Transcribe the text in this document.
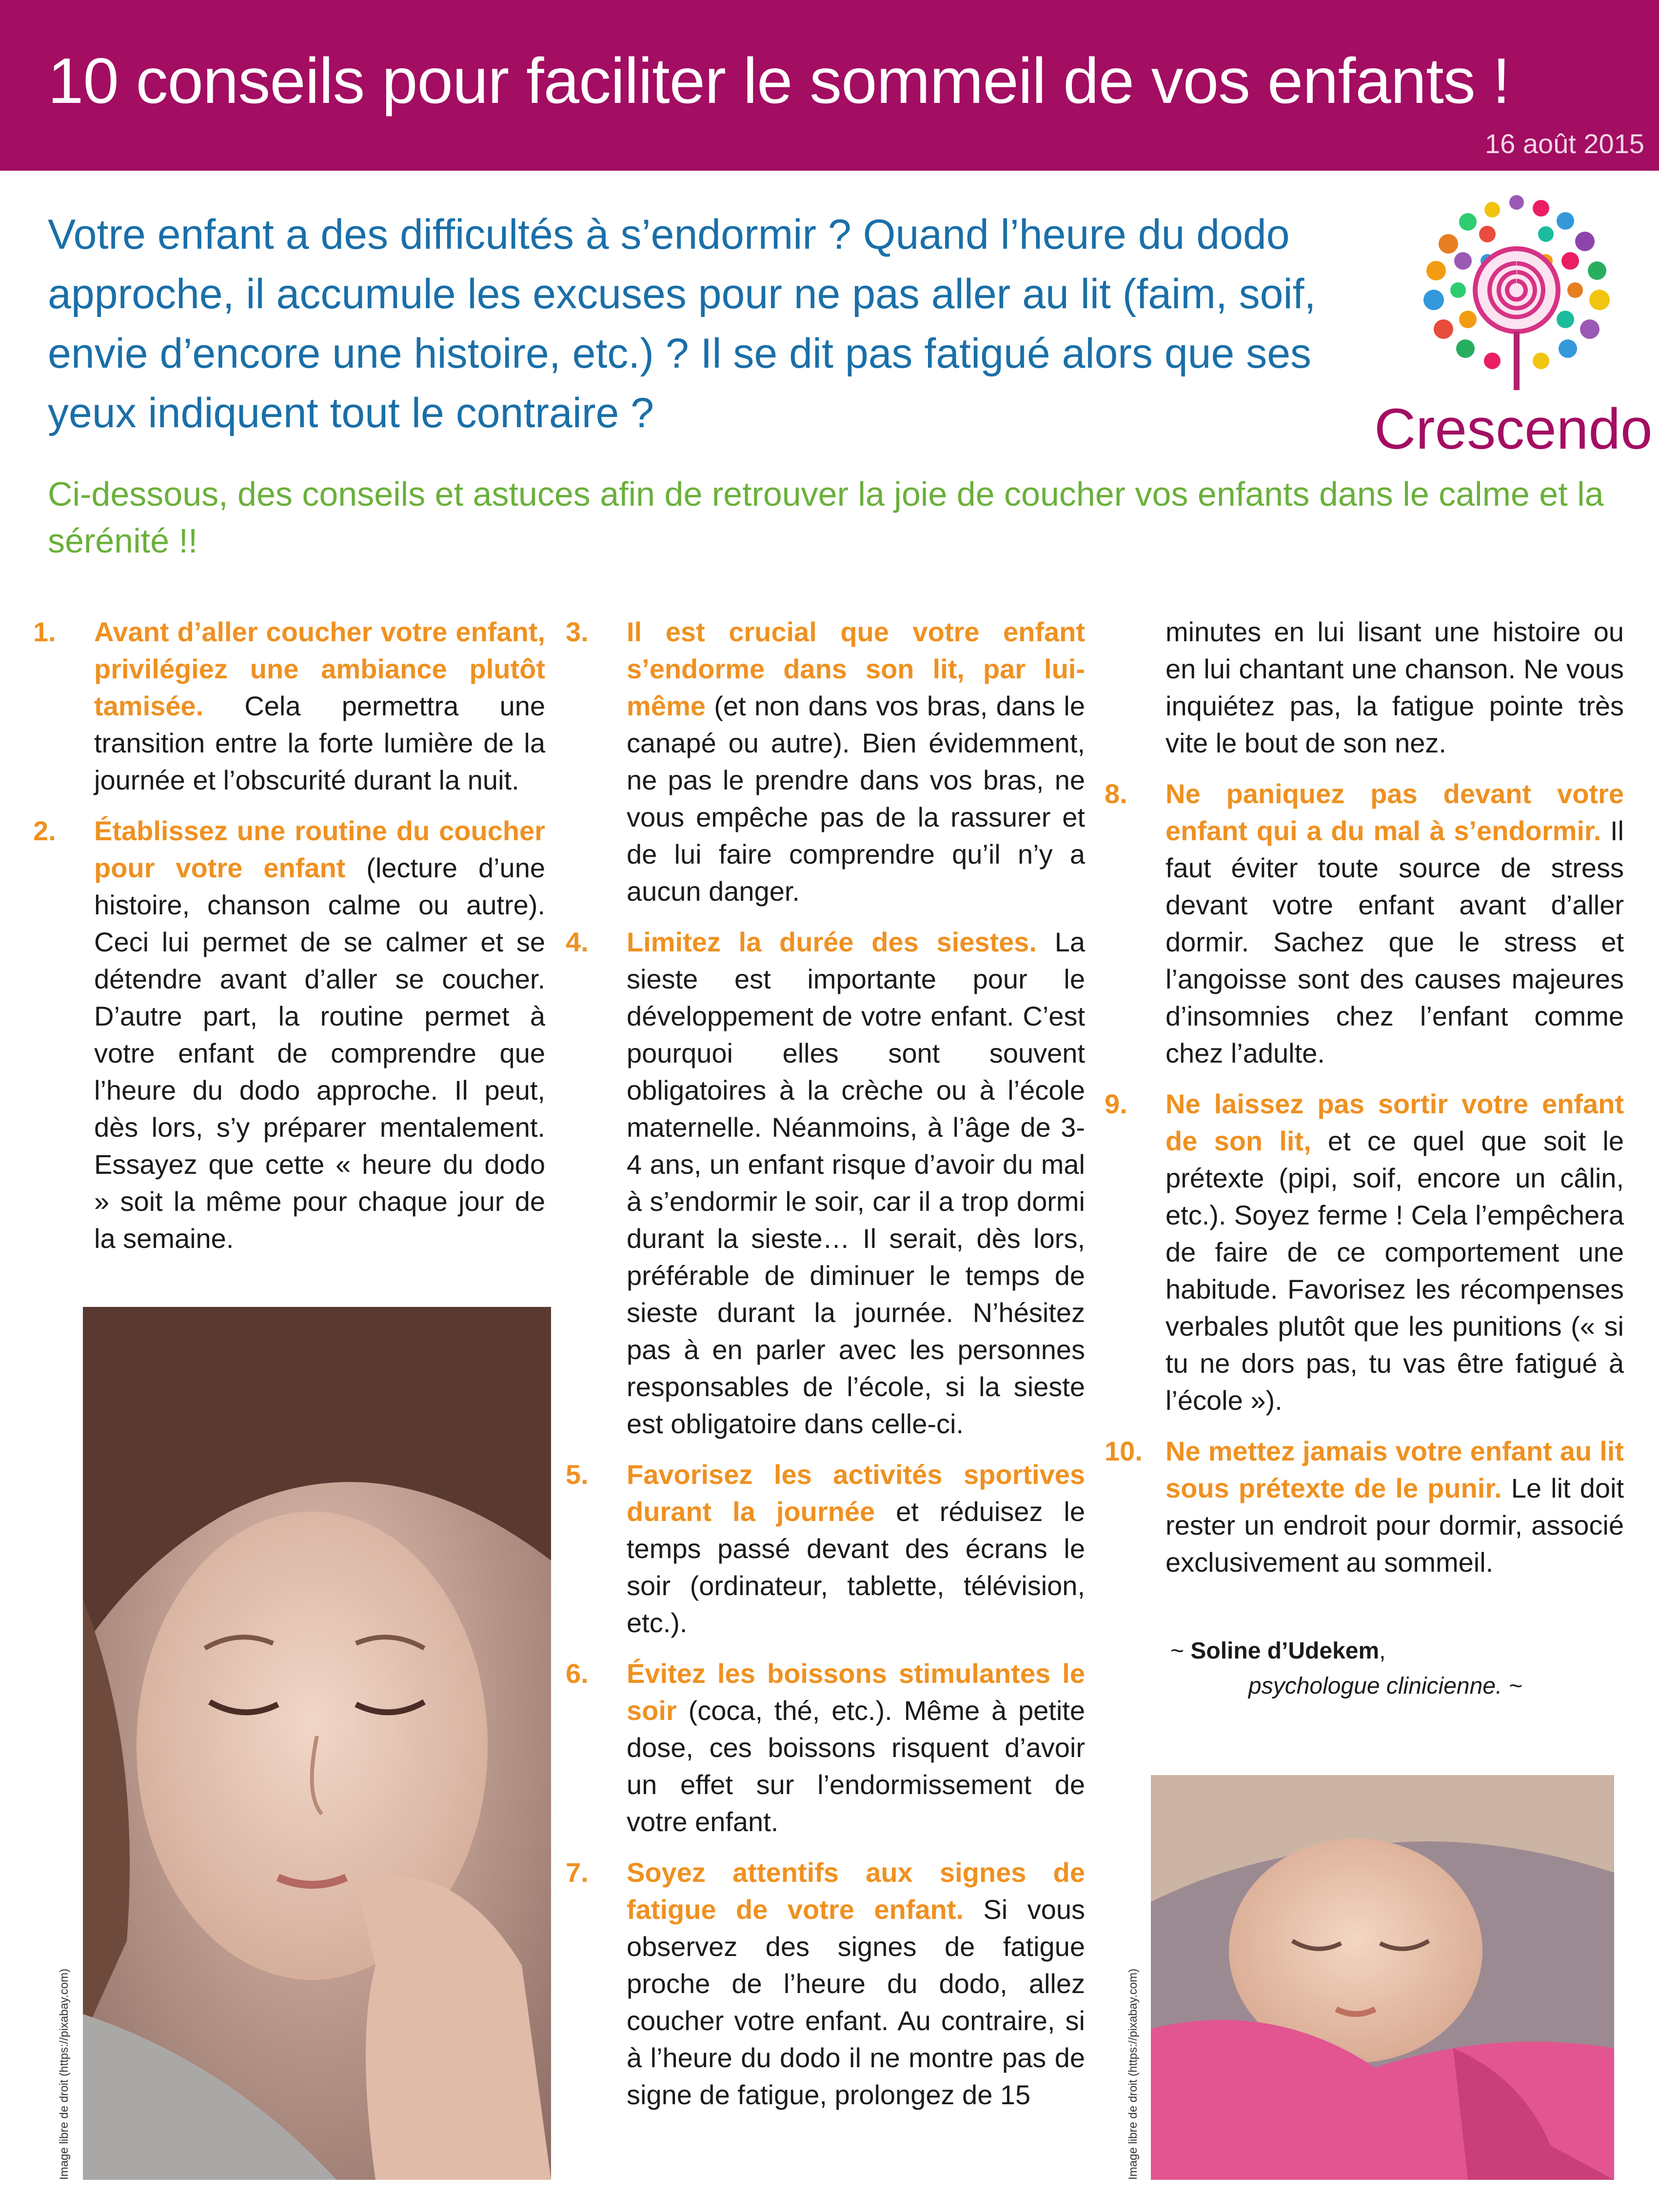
10 conseils pour faciliter le sommeil de vos enfants !
16 août 2015

Votre enfant a des difficultés à s’endormir ? Quand l’heure du dodo approche, il accumule les excuses pour ne pas aller au lit (faim, soif, envie d’encore une histoire, etc.) ? Il se dit pas fatigué alors que ses yeux indiquent tout le contraire ?	Crescendo

Ci-dessous, des conseils et astuces afin de retrouver la joie de coucher vos enfants dans le calme et la sérénité !!

1. Avant d’aller coucher votre enfant, privilégiez une ambiance plutôt tamisée. Cela permettra une transition entre la forte lumière de la journée et l’obscurité durant la nuit.
2. Établissez une routine du coucher pour votre enfant (lecture d’une histoire, chanson calme ou autre). Ceci lui permet de se calmer et se détendre avant d’aller se coucher. D’autre part, la routine permet à votre enfant de comprendre que l’heure du dodo approche. Il peut, dès lors, s’y préparer mentalement. Essayez que cette « heure du dodo » soit la même pour chaque jour de la semaine.
3. Il est crucial que votre enfant s’endorme dans son lit, par lui-même (et non dans vos bras, dans le canapé ou autre). Bien évidemment, ne pas le prendre dans vos bras, ne vous empêche pas de la rassurer et de lui faire comprendre qu’il n’y a aucun danger.
4. Limitez la durée des siestes. La sieste est importante pour le développement de votre enfant. C’est pourquoi elles sont souvent obligatoires à la crèche ou à l’école maternelle. Néanmoins, à l’âge de 3-4 ans, un enfant risque d’avoir du mal à s’endormir le soir, car il a trop dormi durant la sieste… Il serait, dès lors, préférable de diminuer le temps de sieste durant la journée. N’hésitez pas à en parler avec les personnes responsables de l’école, si la sieste est obligatoire dans celle-ci.
5. Favorisez les activités sportives durant la journée et réduisez le temps passé devant des écrans le soir (ordinateur, tablette, télévision, etc.).
6. Évitez les boissons stimulantes le soir (coca, thé, etc.). Même à petite dose, ces boissons risquent d’avoir un effet sur l’endormissement de votre enfant.
7. Soyez attentifs aux signes de fatigue de votre enfant. Si vous observez des signes de fatigue proche de l’heure du dodo, allez coucher votre enfant. Au contraire, si à l’heure du dodo il ne montre pas de signe de fatigue, prolongez de 15
minutes en lui lisant une histoire ou en lui chantant une chanson. Ne vous inquiétez pas, la fatigue pointe très vite le bout de son nez.
8. Ne paniquez pas devant votre enfant qui a du mal à s’endormir. Il faut éviter toute source de stress devant votre enfant avant d’aller dormir. Sachez que le stress et l’angoisse sont des causes majeures d’insomnies chez l’enfant comme chez l’adulte.
9. Ne laissez pas sortir votre enfant de son lit, et ce quel que soit le prétexte (pipi, soif, encore un câlin, etc.). Soyez ferme ! Cela l’empêchera de faire de ce comportement une habitude. Favorisez les récompenses verbales plutôt que les punitions (« si tu ne dors pas, tu vas être fatigué à l’école »).
10. Ne mettez jamais votre enfant au lit sous prétexte de le punir. Le lit doit rester un endroit pour dormir, associé exclusivement au sommeil.
~ Soline d’Udekem,
psychologue clinicienne. ~
Image libre de droit (https://pixabay.com)	Image libre de droit (https://pixabay.com)
